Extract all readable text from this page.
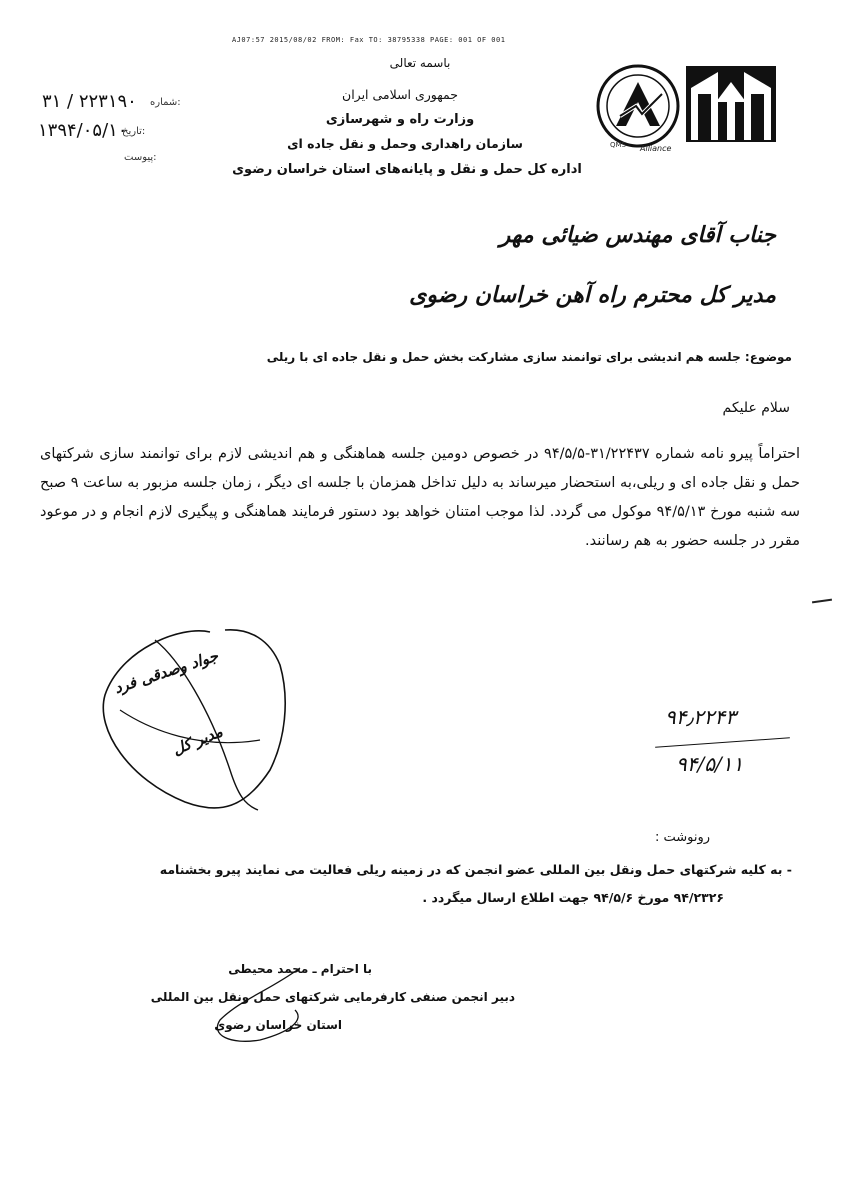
AJ07:57 2015/08/02 FROM: Fax TO: 38795338 PAGE: 001 OF 001
باسمه تعالی
جمهوری اسلامی ایران
وزارت راه و شهرسازی
سازمان راهداری وحمل و نقل جاده ای
اداره کل حمل و نقل و پایانه‌های استان خراسان رضوی
QMS Alliance
شماره:
۳۱ / ۲۲۳۱۹۰
تاریخ:
۱۳۹۴/۰۵/۱۰
پیوست:
جناب آقای مهندس ضیائی مهر
مدیر کل محترم راه آهن خراسان رضوی
موضوع: جلسه هم اندیشی برای توانمند سازی مشارکت بخش حمل و نقل جاده ای با ریلی
سلام علیکم
احتراماً پیرو نامه شماره ۳۱/۲۲۴۳۷-۹۴/۵/۵ در خصوص دومین جلسه هماهنگی و هم اندیشی لازم برای توانمند سازی شرکتهای حمل و نقل جاده ای و ریلی،به استحضار میرساند به دلیل تداخل همزمان با جلسه ای دیگر ، زمان جلسه مزبور به ساعت ۹ صبح سه شنبه مورخ ۹۴/۵/۱۳ موکول می گردد. لذا موجب امتنان خواهد بود دستور فرمایند هماهنگی و پیگیری لازم انجام و در موعود مقرر در جلسه حضور به هم رسانند.
جواد وصدقی فرد
مدیر کل
۹۴٫۲۲۴۳
۹۴/۵/۱۱
رونوشت :
- به کلیه شرکتهای حمل ونقل بین المللی عضو انجمن که در زمینه ریلی فعالیت می نمایند پیرو بخشنامه
۹۴/۲۳۲۶ مورخ ۹۴/۵/۶ جهت اطلاع ارسال میگردد .
با احترام ـ محمد محیطی
دبیر انجمن صنفی کارفرمایی شرکتهای حمل ونقل بین المللی
استان خراسان رضوی
